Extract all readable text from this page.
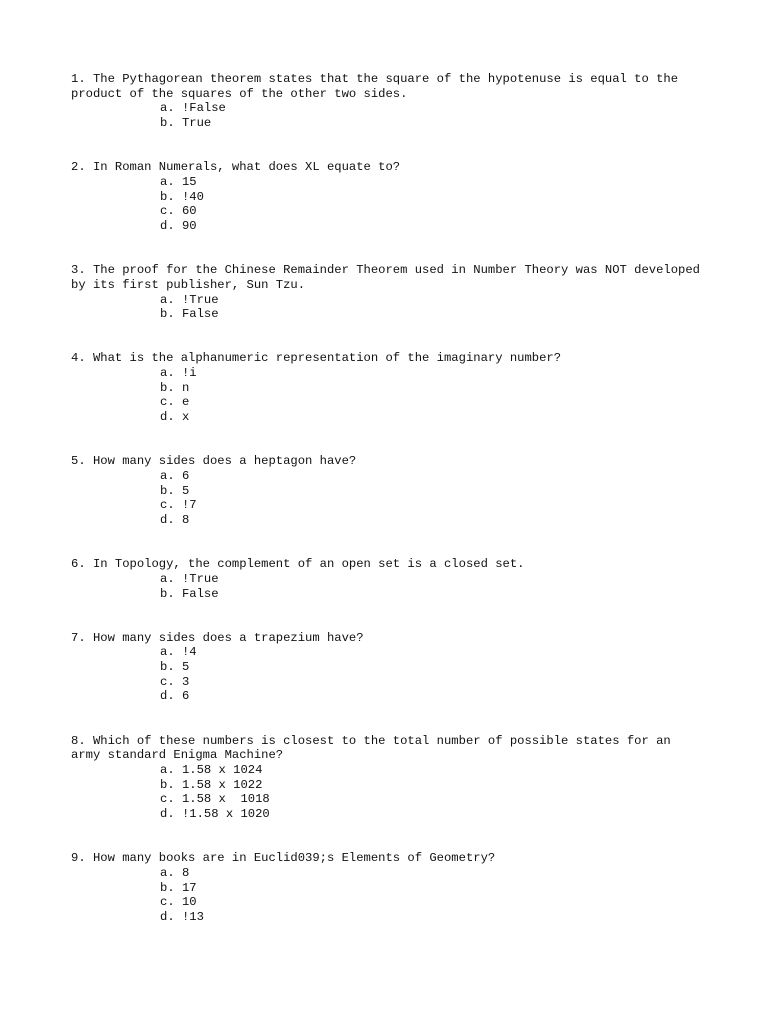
1. The Pythagorean theorem states that the square of the hypotenuse is equal to the product of the squares of the other two sides.

a. !False
b. True

2. In Roman Numerals, what does XL equate to?

a. 15
b. !40
c. 60
d. 90

3. The proof for the Chinese Remainder Theorem used in Number Theory was NOT developed by its first publisher, Sun Tzu.

a. !True
b. False

4. What is the alphanumeric representation of the imaginary number?

a. !i
b. n
c. e
d. x

5. How many sides does a heptagon have?

a. 6
b. 5
c. !7
d. 8

6. In Topology, the complement of an open set is a closed set.

a. !True
b. False

7. How many sides does a trapezium have?

a. !4
b. 5
c. 3
d. 6

8. Which of these numbers is closest to the total number of possible states for an army standard Enigma Machine?

a. 1.58 x 1024
b. 1.58 x 1022
c. 1.58 x  1018
d. !1.58 x 1020

9. How many books are in Euclid039;s Elements of Geometry?

a. 8
b. 17
c. 10
d. !13
